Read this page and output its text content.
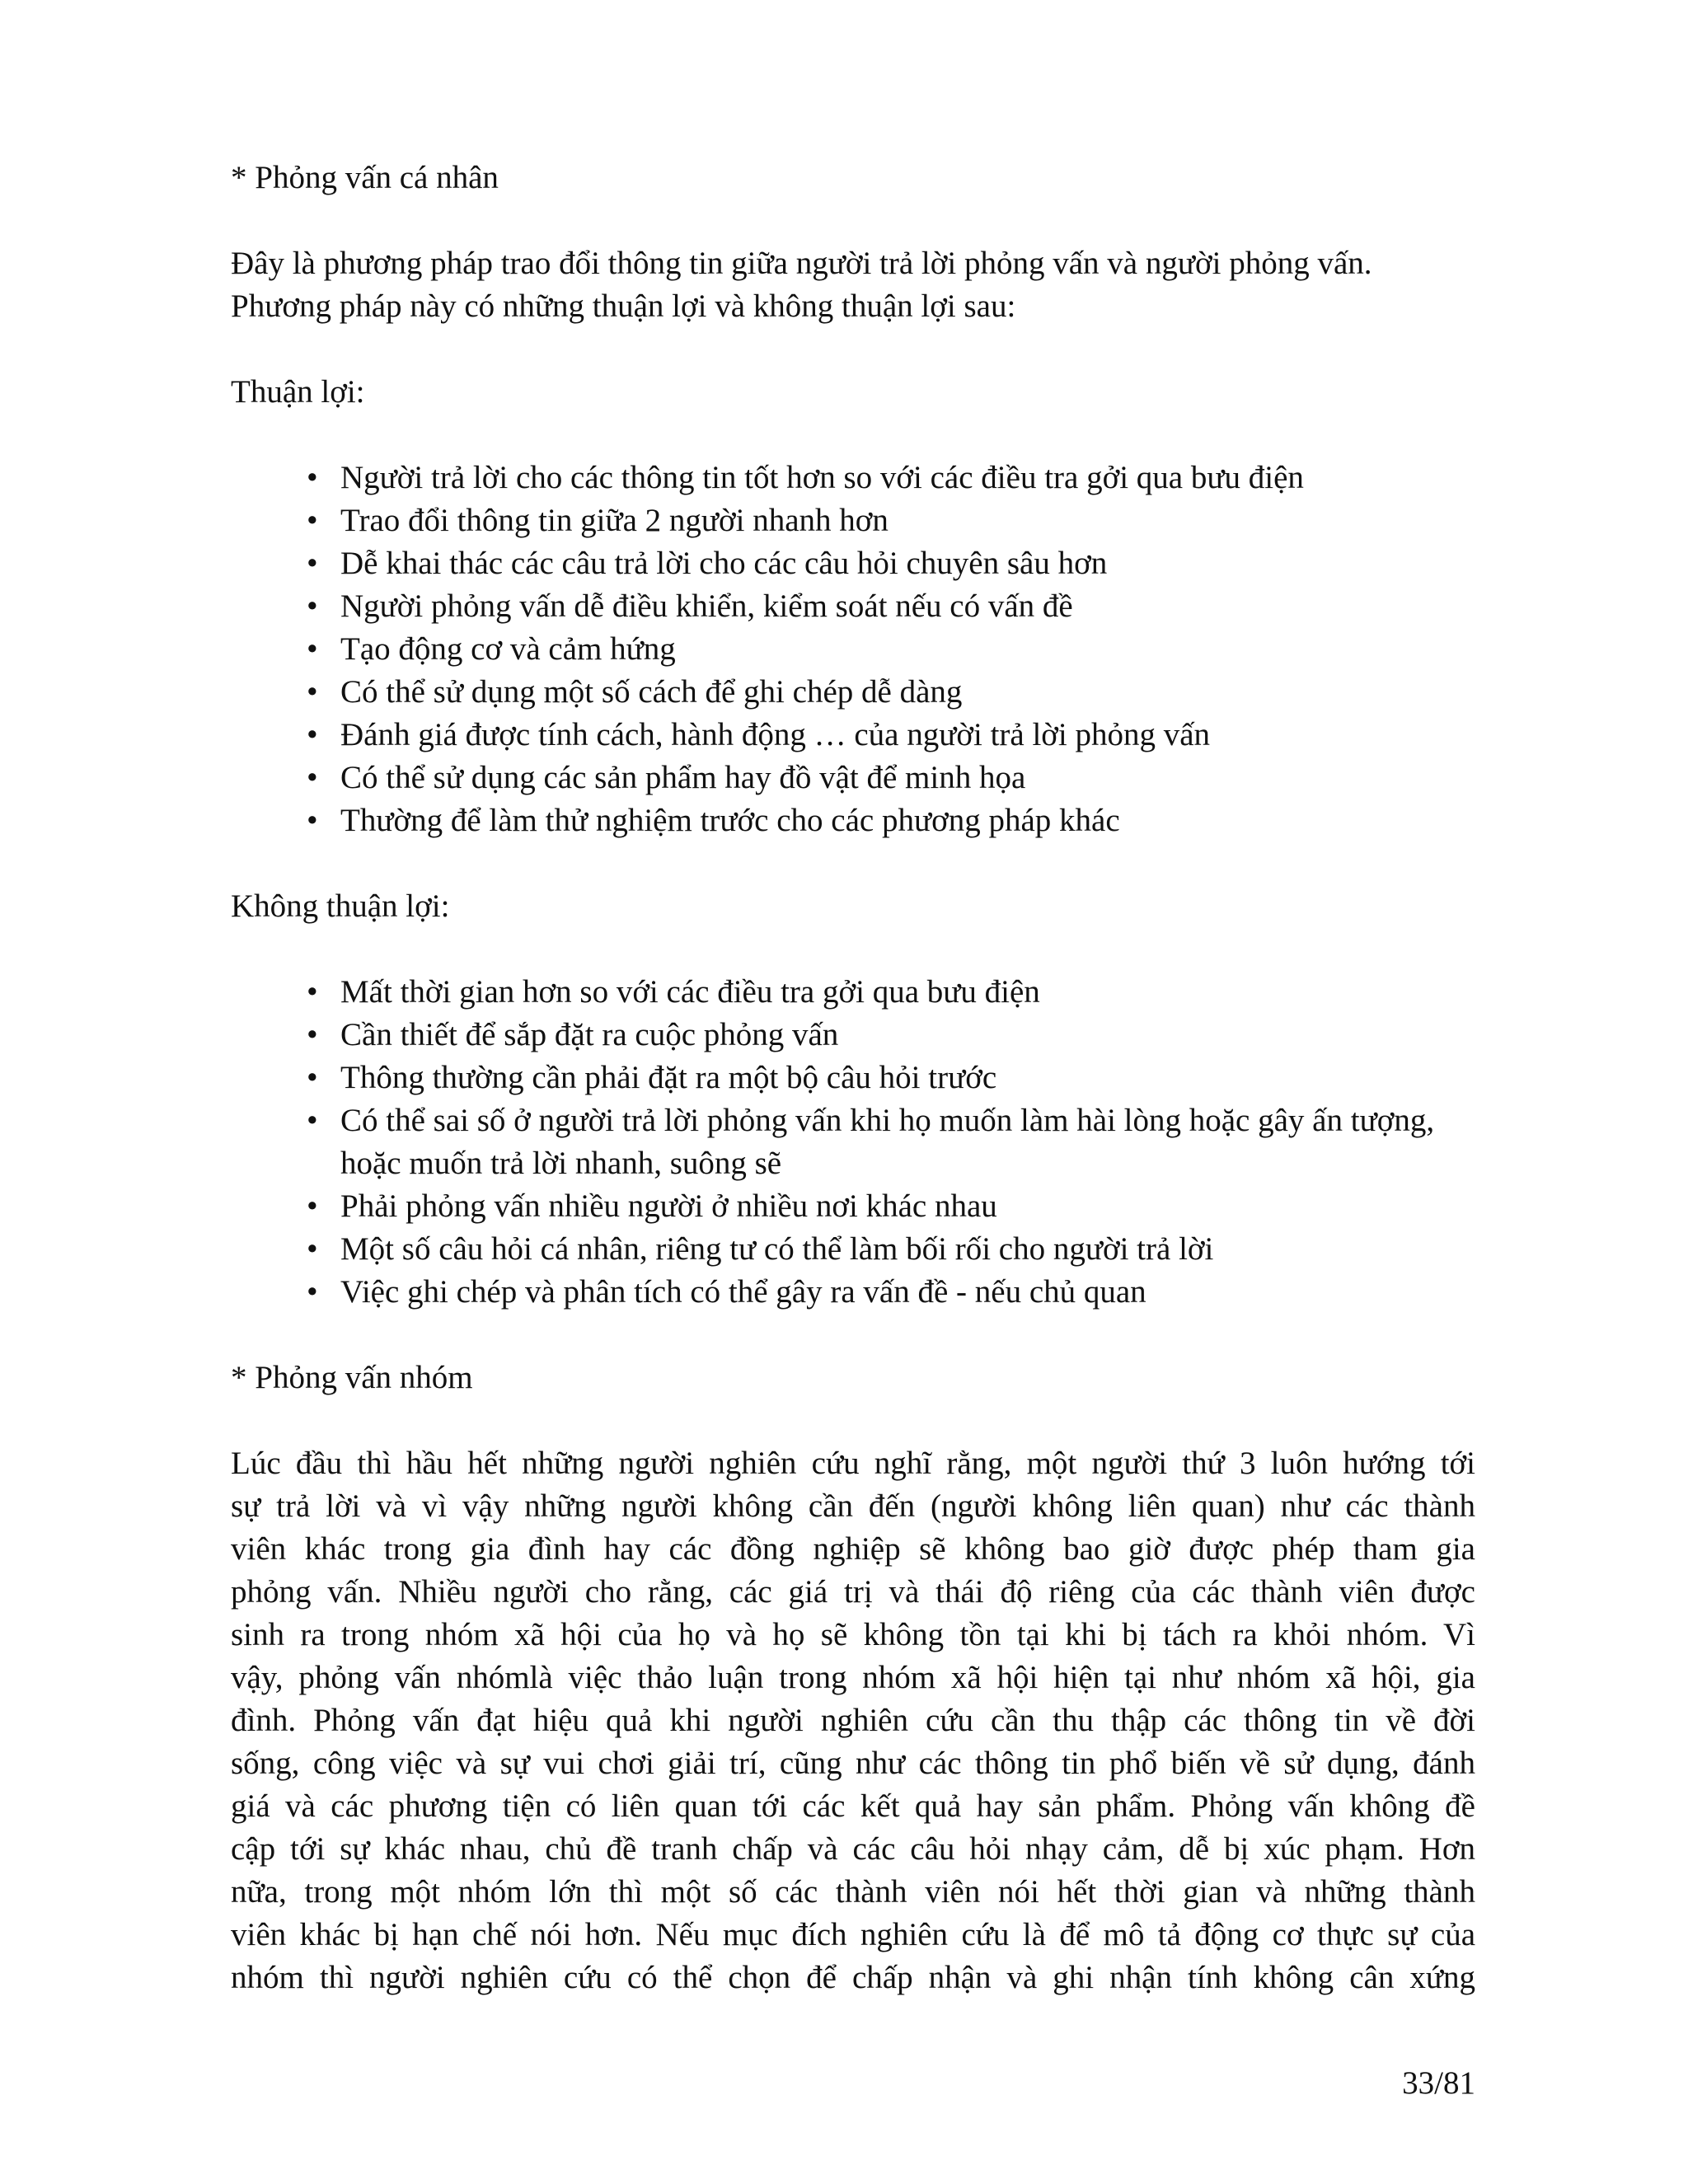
* Phỏng vấn cá nhân
Đây là phương pháp trao đổi thông tin giữa người trả lời phỏng vấn và người phỏng vấn. Phương pháp này có những thuận lợi và không thuận lợi sau:
Thuận lợi:
• Người trả lời cho các thông tin tốt hơn so với các điều tra gởi qua bưu điện
• Trao đổi thông tin giữa 2 người nhanh hơn
• Dễ khai thác các câu trả lời cho các câu hỏi chuyên sâu hơn
• Người phỏng vấn dễ điều khiển, kiểm soát nếu có vấn đề
• Tạo động cơ và cảm hứng
• Có thể sử dụng một số cách để ghi chép dễ dàng
• Đánh giá được tính cách, hành động … của người trả lời phỏng vấn
• Có thể sử dụng các sản phẩm hay đồ vật để minh họa
• Thường để làm thử nghiệm trước cho các phương pháp khác
Không thuận lợi:
• Mất thời gian hơn so với các điều tra gởi qua bưu điện
• Cần thiết để sắp đặt ra cuộc phỏng vấn
• Thông thường cần phải đặt ra một bộ câu hỏi trước
• Có thể sai số ở người trả lời phỏng vấn khi họ muốn làm hài lòng hoặc gây ấn tượng, hoặc muốn trả lời nhanh, suông sẽ
• Phải phỏng vấn nhiều người ở nhiều nơi khác nhau
• Một số câu hỏi cá nhân, riêng tư có thể làm bối rối cho người trả lời
• Việc ghi chép và phân tích có thể gây ra vấn đề - nếu chủ quan
* Phỏng vấn nhóm
Lúc đầu thì hầu hết những người nghiên cứu nghĩ rằng, một người thứ 3 luôn hướng tới
sự trả lời và vì vậy những người không cần đến (người không liên quan) như các thành
viên khác trong gia đình hay các đồng nghiệp sẽ không bao giờ được phép tham gia
phỏng vấn. Nhiều người cho rằng, các giá trị và thái độ riêng của các thành viên được
sinh ra trong nhóm xã hội của họ và họ sẽ không tồn tại khi bị tách ra khỏi nhóm. Vì
vậy, phỏng vấn nhómlà việc thảo luận trong nhóm xã hội hiện tại như nhóm xã hội, gia
đình. Phỏng vấn đạt hiệu quả khi người nghiên cứu cần thu thập các thông tin về đời
sống, công việc và sự vui chơi giải trí, cũng như các thông tin phổ biến về sử dụng, đánh
giá và các phương tiện có liên quan tới các kết quả hay sản phẩm. Phỏng vấn không đề
cập tới sự khác nhau, chủ đề tranh chấp và các câu hỏi nhạy cảm, dễ bị xúc phạm. Hơn
nữa, trong một nhóm lớn thì một số các thành viên nói hết thời gian và những thành
viên khác bị hạn chế nói hơn. Nếu mục đích nghiên cứu là để mô tả động cơ thực sự của
nhóm thì người nghiên cứu có thể chọn để chấp nhận và ghi nhận tính không cân xứng
33/81
